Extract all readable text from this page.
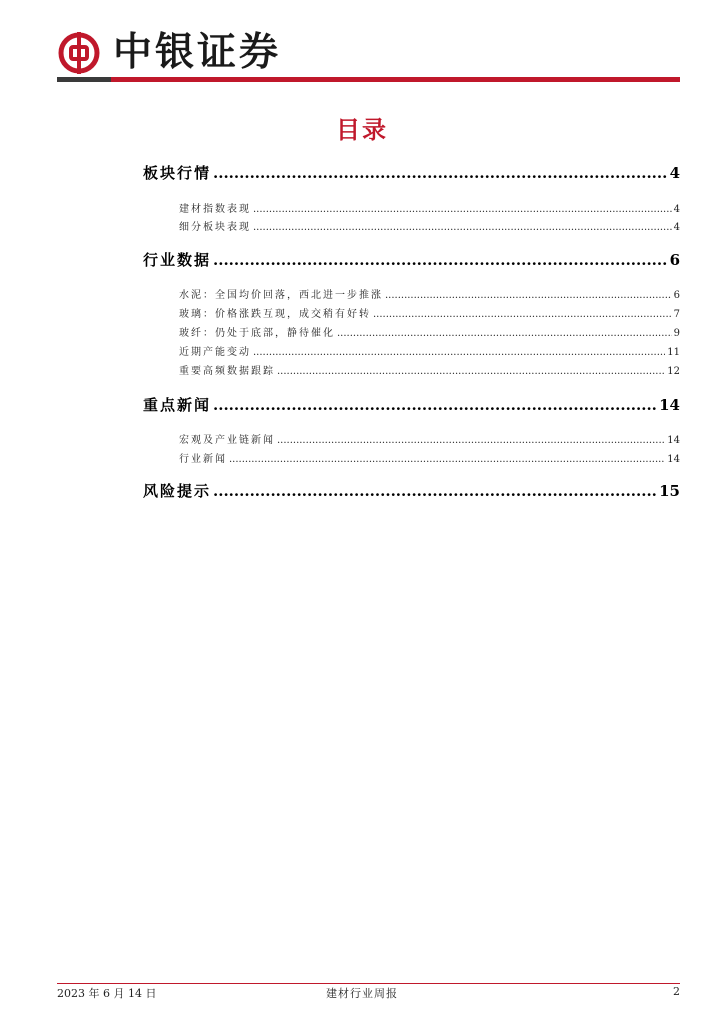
中银证券
目录
板块行情 .....	4
建材指数表现 .....	4
细分板块表现 .....	4
行业数据 .....	6
水泥：全国均价回落，西北进一步推涨 .....	6
玻璃：价格涨跌互现，成交稍有好转 .....	7
玻纤：仍处于底部，静待催化 .....	9
近期产能变动 .....	11
重要高频数据跟踪 .....	12
重点新闻 .....	14
宏观及产业链新闻 .....	14
行业新闻 .....	14
风险提示 .....	15
2023 年 6 月 14 日	建材行业周报	2
